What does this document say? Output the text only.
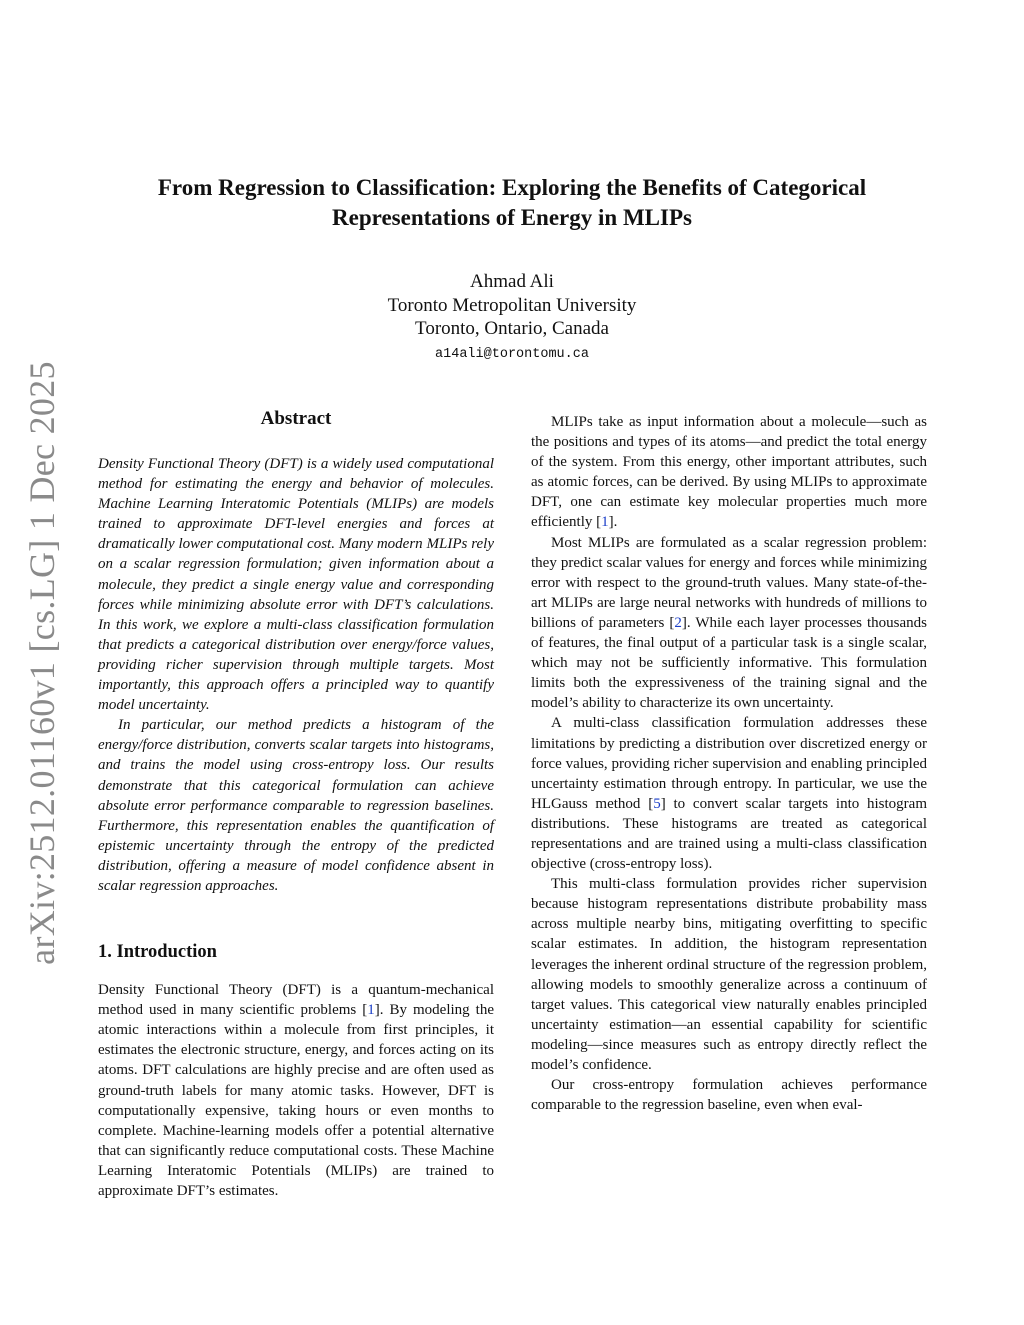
arXiv:2512.01160v1 [cs.LG] 1 Dec 2025
From Regression to Classification: Exploring the Benefits of Categorical
Representations of Energy in MLIPs
Ahmad Ali
Toronto Metropolitan University
Toronto, Ontario, Canada
a14ali@torontomu.ca
Abstract

Density Functional Theory (DFT) is a widely used computational method for estimating the energy and behavior of molecules. Machine Learning Interatomic Potentials (MLIPs) are models trained to approximate DFT-level energies and forces at dramatically lower computational cost. Many modern MLIPs rely on a scalar regression formulation; given information about a molecule, they predict a single energy value and corresponding forces while minimizing absolute error with DFT’s calculations. In this work, we explore a multi-class classification formulation that predicts a categorical distribution over energy/force values, providing richer supervision through multiple targets. Most importantly, this approach offers a principled way to quantify model uncertainty.

In particular, our method predicts a histogram of the energy/force distribution, converts scalar targets into histograms, and trains the model using cross-entropy loss. Our results demonstrate that this categorical formulation can achieve absolute error performance comparable to regression baselines. Furthermore, this representation enables the quantification of epistemic uncertainty through the entropy of the predicted distribution, offering a measure of model confidence absent in scalar regression approaches.

1. Introduction

Density Functional Theory (DFT) is a quantum-mechanical method used in many scientific problems [1]. By modeling the atomic interactions within a molecule from first principles, it estimates the electronic structure, energy, and forces acting on its atoms. DFT calculations are highly precise and are often used as ground-truth labels for many atomic tasks. However, DFT is computationally expensive, taking hours or even months to complete. Machine-learning models offer a potential alternative that can significantly reduce computational costs. These Machine Learning Interatomic Potentials (MLIPs) are trained to approximate DFT’s estimates.

MLIPs take as input information about a molecule—such as the positions and types of its atoms—and predict the total energy of the system. From this energy, other important attributes, such as atomic forces, can be derived. By using MLIPs to approximate DFT, one can estimate key molecular properties much more efficiently [1].

Most MLIPs are formulated as a scalar regression problem: they predict scalar values for energy and forces while minimizing error with respect to the ground-truth values. Many state-of-the-art MLIPs are large neural networks with hundreds of millions to billions of parameters [2]. While each layer processes thousands of features, the final output of a particular task is a single scalar, which may not be sufficiently informative. This formulation limits both the expressiveness of the training signal and the model’s ability to characterize its own uncertainty.

A multi-class classification formulation addresses these limitations by predicting a distribution over discretized energy or force values, providing richer supervision and enabling principled uncertainty estimation through entropy. In particular, we use the HLGauss method [5] to convert scalar targets into histogram distributions. These histograms are treated as categorical representations and are trained using a multi-class classification objective (cross-entropy loss).

This multi-class formulation provides richer supervision because histogram representations distribute probability mass across multiple nearby bins, mitigating overfitting to specific scalar estimates. In addition, the histogram representation leverages the inherent ordinal structure of the regression problem, allowing models to smoothly generalize across a continuum of target values. This categorical view naturally enables principled uncertainty estimation—an essential capability for scientific modeling—since measures such as entropy directly reflect the model’s confidence.

Our cross-entropy formulation achieves performance comparable to the regression baseline, even when eval-
